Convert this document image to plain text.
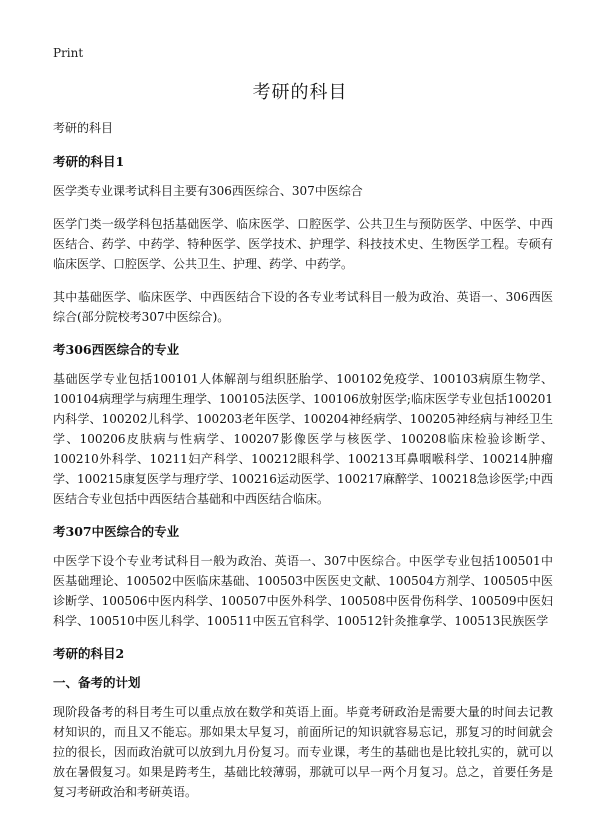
Print
考研的科目

考研的科目

考研的科目1

医学类专业课考试科目主要有306西医综合、307中医综合

医学门类一级学科包括基础医学、临床医学、口腔医学、公共卫生与预防医学、中医学、中西医结合、药学、中药学、特种医学、医学技术、护理学、科技技术史、生物医学工程。专硕有临床医学、口腔医学、公共卫生、护理、药学、中药学。

其中基础医学、临床医学、中西医结合下设的各专业考试科目一般为政治、英语一、306西医综合(部分院校考307中医综合)。

考306西医综合的专业

基础医学专业包括100101人体解剖与组织胚胎学、100102免疫学、100103病原生物学、100104病理学与病理生理学、100105法医学、100106放射医学;临床医学专业包括100201内科学、100202儿科学、100203老年医学、100204神经病学、100205神经病与神经卫生学、100206皮肤病与性病学、100207影像医学与核医学、100208临床检验诊断学、100210外科学、10211妇产科学、100212眼科学、100213耳鼻咽喉科学、100214肿瘤学、100215康复医学与理疗学、100216运动医学、100217麻醉学、100218急诊医学;中西医结合专业包括中西医结合基础和中西医结合临床。

考307中医综合的专业

中医学下设个专业考试科目一般为政治、英语一、307中医综合。中医学专业包括100501中医基础理论、100502中医临床基础、100503中医医史文献、100504方剂学、100505中医诊断学、100506中医内科学、100507中医外科学、100508中医骨伤科学、100509中医妇科学、100510中医儿科学、100511中医五官科学、100512针灸推拿学、100513民族医学

考研的科目2
一、备考的计划

现阶段备考的科目考生可以重点放在数学和英语上面。毕竟考研政治是需要大量的时间去记教材知识的，而且又不能忘。那如果太早复习，前面所记的知识就容易忘记，那复习的时间就会拉的很长，因而政治就可以放到九月份复习。而专业课，考生的基础也是比较扎实的，就可以放在暑假复习。如果是跨考生，基础比较薄弱，那就可以早一两个月复习。总之，首要任务是复习考研政治和考研英语。
